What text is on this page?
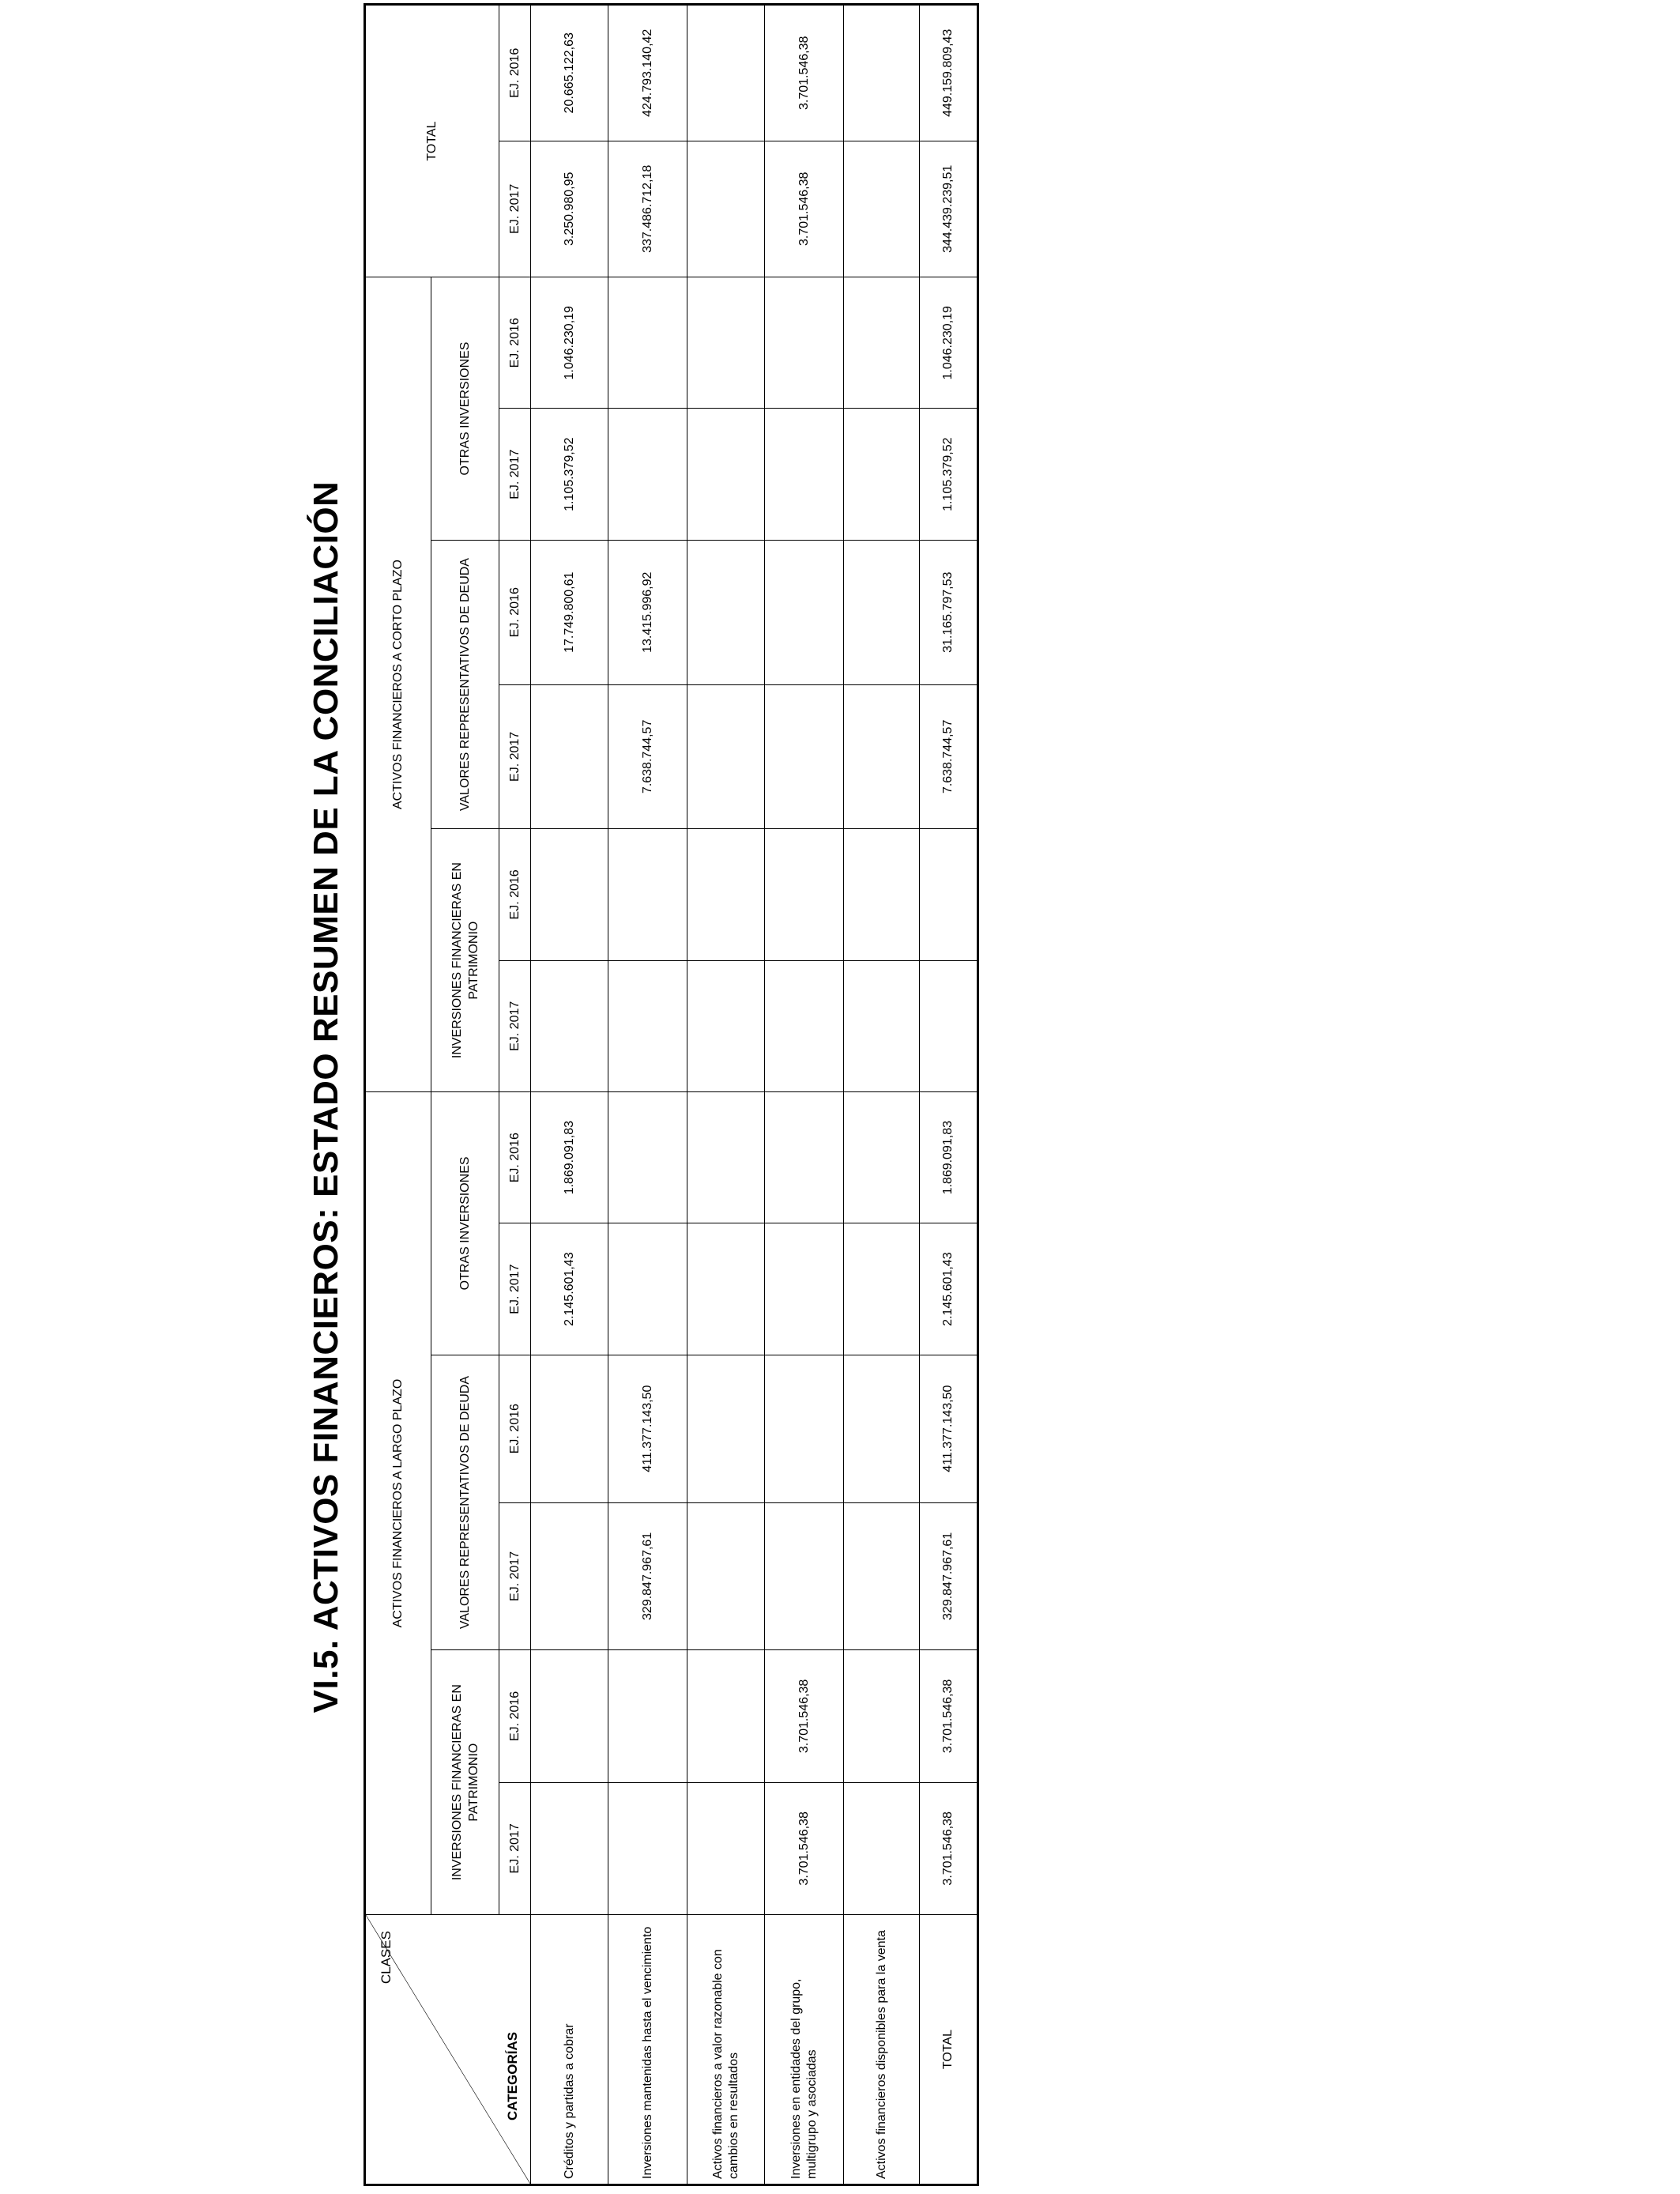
VI.5. ACTIVOS FINANCIEROS: ESTADO RESUMEN DE LA CONCILIACIÓN
CLASES
CATEGORÍAS	ACTIVOS FINANCIEROS A LARGO PLAZO						ACTIVOS FINANCIEROS A CORTO PLAZO						TOTAL	
	INVERSIONES FINANCIERAS EN PATRIMONIO		VALORES REPRESENTATIVOS DE DEUDA		OTRAS INVERSIONES		INVERSIONES FINANCIERAS EN PATRIMONIO		VALORES REPRESENTATIVOS DE DEUDA		OTRAS INVERSIONES			
	EJ. 2017	EJ. 2016	EJ. 2017	EJ. 2016	EJ. 2017	EJ. 2016	EJ. 2017	EJ. 2016	EJ. 2017	EJ. 2016	EJ. 2017	EJ. 2016	EJ. 2017	EJ. 2016
Créditos y partidas a cobrar					2.145.601,43	1.869.091,83				17.749.800,61	1.105.379,52	1.046.230,19	3.250.980,95	20.665.122,63
Inversiones mantenidas hasta el vencimiento			329.847.967,61	411.377.143,50					7.638.744,57	13.415.996,92			337.486.712,18	424.793.140,42
Activos financieros a valor razonable con cambios en resultados														
Inversiones en entidades del grupo, multigrupo y asociadas	3.701.546,38	3.701.546,38											3.701.546,38	3.701.546,38
Activos financieros disponibles para la venta														
TOTAL	3.701.546,38	3.701.546,38	329.847.967,61	411.377.143,50	2.145.601,43	1.869.091,83			7.638.744,57	31.165.797,53	1.105.379,52	1.046.230,19	344.439.239,51	449.159.809,43
